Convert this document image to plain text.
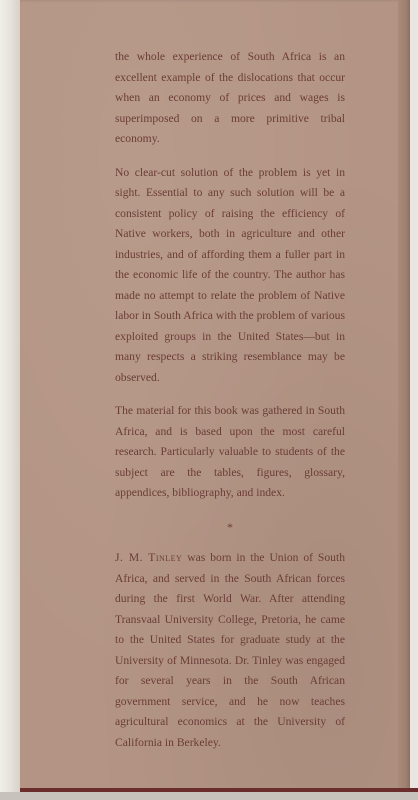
the whole experience of South Africa is an excellent example of the dislocations that occur when an economy of prices and wages is superimposed on a more primitive tribal economy.

No clear-cut solution of the problem is yet in sight. Essential to any such solution will be a consistent policy of raising the efficiency of Native workers, both in agriculture and other industries, and of affording them a fuller part in the economic life of the country. The author has made no attempt to relate the problem of Native labor in South Africa with the problem of various exploited groups in the United States—but in many respects a striking resemblance may be observed.

The material for this book was gathered in South Africa, and is based upon the most careful research. Particularly valuable to students of the subject are the tables, figures, glossary, appendices, bibliography, and index.

*

J. M. Tinley was born in the Union of South Africa, and served in the South African forces during the first World War. After attending Transvaal University College, Pretoria, he came to the United States for graduate study at the University of Minnesota. Dr. Tinley was engaged for several years in the South African government service, and he now teaches agricultural economics at the University of California in Berkeley.
